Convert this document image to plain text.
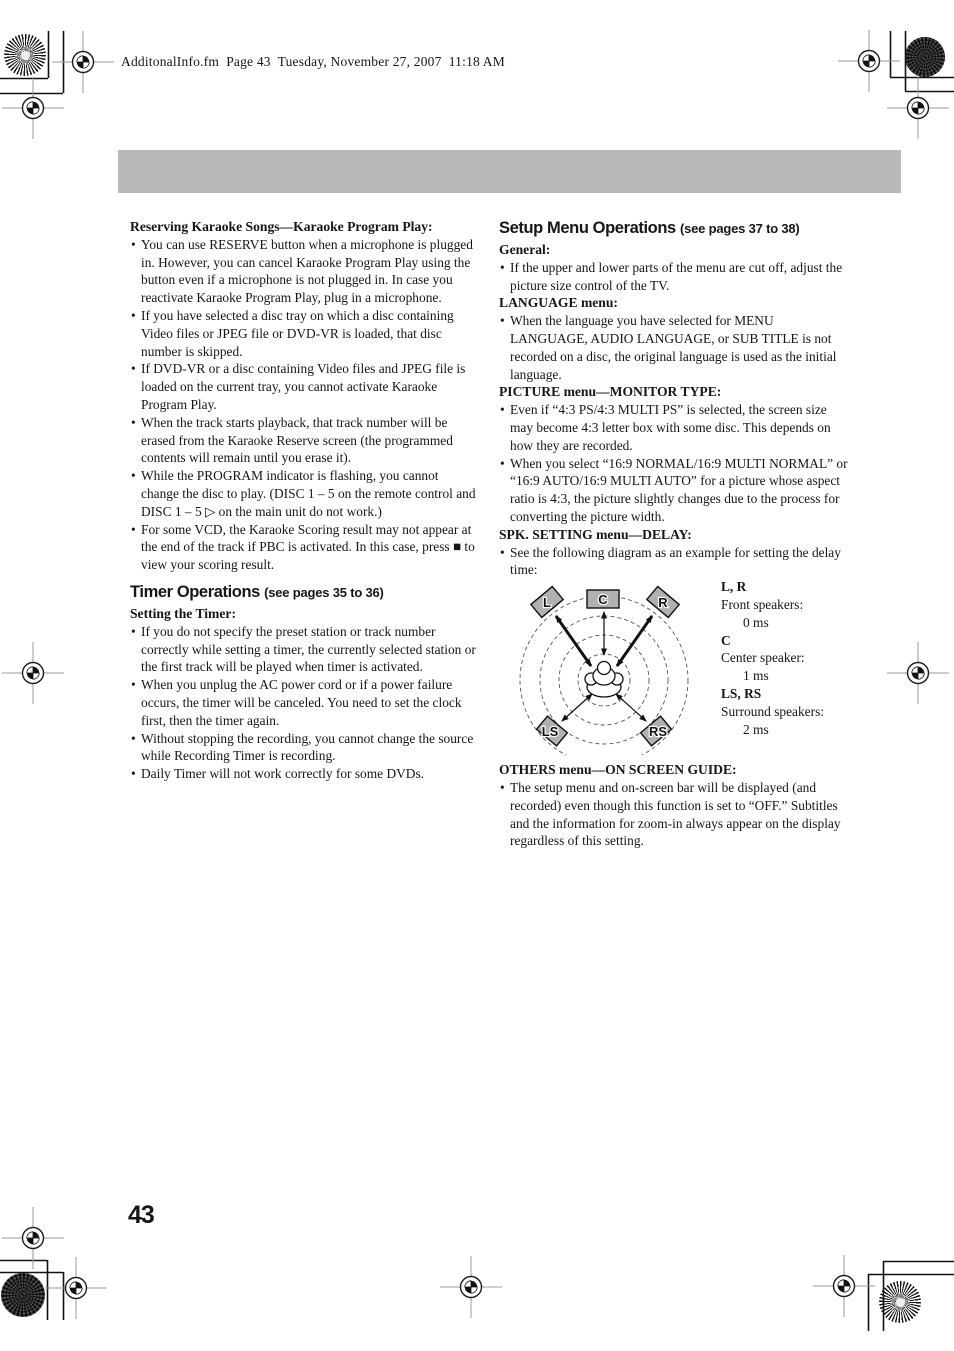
AdditonalInfo.fm  Page 43  Tuesday, November 27, 2007  11:18 AM
Reserving Karaoke Songs—Karaoke Program Play:
• You can use RESERVE button when a microphone is plugged in. However, you can cancel Karaoke Program Play using the button even if a microphone is not plugged in. In case you reactivate Karaoke Program Play, plug in a microphone.
• If you have selected a disc tray on which a disc containing Video files or JPEG file or DVD-VR is loaded, that disc number is skipped.
• If DVD-VR or a disc containing Video files and JPEG file is loaded on the current tray, you cannot activate Karaoke Program Play.
• When the track starts playback, that track number will be erased from the Karaoke Reserve screen (the programmed contents will remain until you erase it).
• While the PROGRAM indicator is flashing, you cannot change the disc to play. (DISC 1 – 5 on the remote control and DISC 1 – 5 ▷ on the main unit do not work.)
• For some VCD, the Karaoke Scoring result may not appear at the end of the track if PBC is activated. In this case, press ■ to view your scoring result.
Timer Operations (see pages 35 to 36)
Setting the Timer:
• If you do not specify the preset station or track number correctly while setting a timer, the currently selected station or the first track will be played when timer is activated.
• When you unplug the AC power cord or if a power failure occurs, the timer will be canceled. You need to set the clock first, then the timer again.
• Without stopping the recording, you cannot change the source while Recording Timer is recording.
• Daily Timer will not work correctly for some DVDs.
Setup Menu Operations (see pages 37 to 38)
General:
• If the upper and lower parts of the menu are cut off, adjust the picture size control of the TV.
LANGUAGE menu:
• When the language you have selected for MENU LANGUAGE, AUDIO LANGUAGE, or SUB TITLE is not recorded on a disc, the original language is used as the initial language.
PICTURE menu—MONITOR TYPE:
• Even if “4:3 PS/4:3 MULTI PS” is selected, the screen size may become 4:3 letter box with some disc. This depends on how they are recorded.
• When you select “16:9 NORMAL/16:9 MULTI NORMAL” or “16:9 AUTO/16:9 MULTI AUTO” for a picture whose aspect ratio is 4:3, the picture slightly changes due to the process for converting the picture width.
SPK. SETTING menu—DELAY:
• See the following diagram as an example for setting the delay time:
L	C	R
LS	RS
L, R
Front speakers:
0 ms
C
Center speaker:
1 ms
LS, RS
Surround speakers:
2 ms
OTHERS menu—ON SCREEN GUIDE:
• The setup menu and on-screen bar will be displayed (and recorded) even though this function is set to “OFF.” Subtitles and the information for zoom-in always appear on the display regardless of this setting.
43
